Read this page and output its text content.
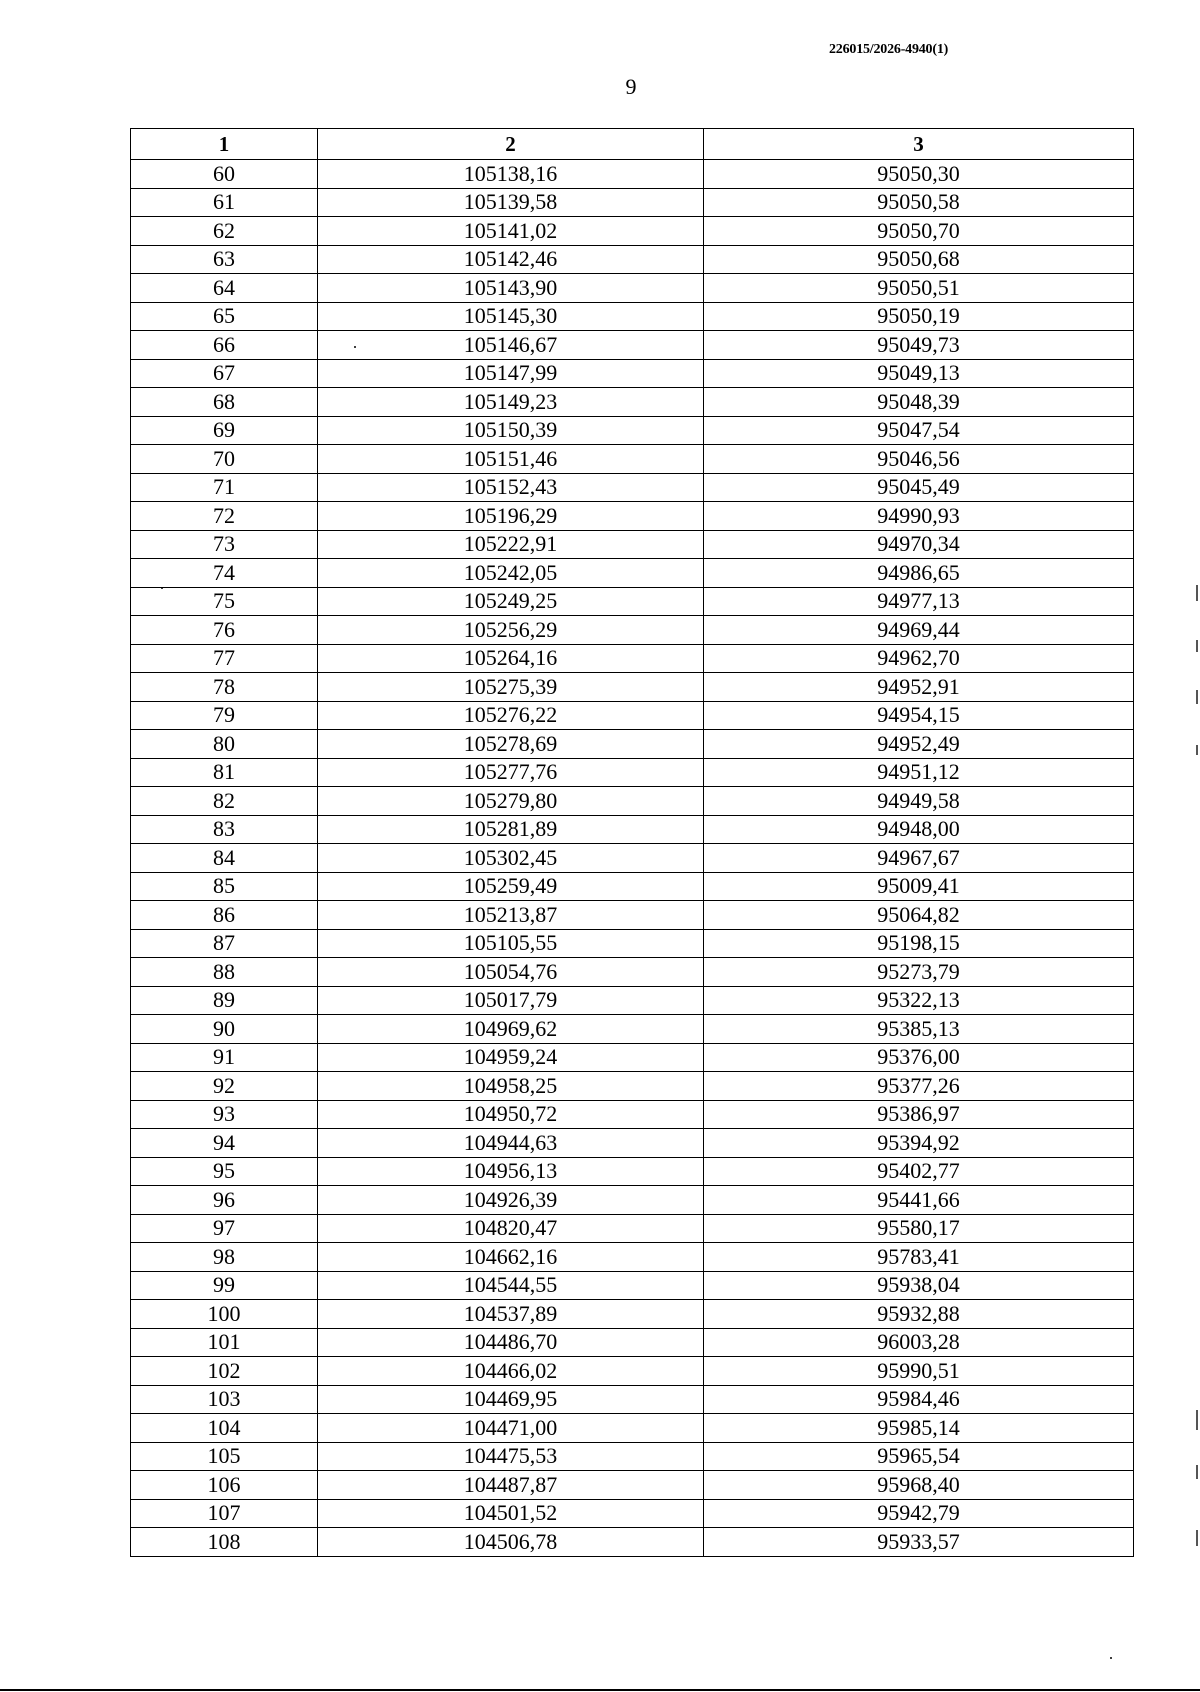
226015/2026-4940(1)
9
1	2	3
60	105138,16	95050,30
61	105139,58	95050,58
62	105141,02	95050,70
63	105142,46	95050,68
64	105143,90	95050,51
65	105145,30	95050,19
66	105146,67	95049,73
67	105147,99	95049,13
68	105149,23	95048,39
69	105150,39	95047,54
70	105151,46	95046,56
71	105152,43	95045,49
72	105196,29	94990,93
73	105222,91	94970,34
74	105242,05	94986,65
75	105249,25	94977,13
76	105256,29	94969,44
77	105264,16	94962,70
78	105275,39	94952,91
79	105276,22	94954,15
80	105278,69	94952,49
81	105277,76	94951,12
82	105279,80	94949,58
83	105281,89	94948,00
84	105302,45	94967,67
85	105259,49	95009,41
86	105213,87	95064,82
87	105105,55	95198,15
88	105054,76	95273,79
89	105017,79	95322,13
90	104969,62	95385,13
91	104959,24	95376,00
92	104958,25	95377,26
93	104950,72	95386,97
94	104944,63	95394,92
95	104956,13	95402,77
96	104926,39	95441,66
97	104820,47	95580,17
98	104662,16	95783,41
99	104544,55	95938,04
100	104537,89	95932,88
101	104486,70	96003,28
102	104466,02	95990,51
103	104469,95	95984,46
104	104471,00	95985,14
105	104475,53	95965,54
106	104487,87	95968,40
107	104501,52	95942,79
108	104506,78	95933,57
